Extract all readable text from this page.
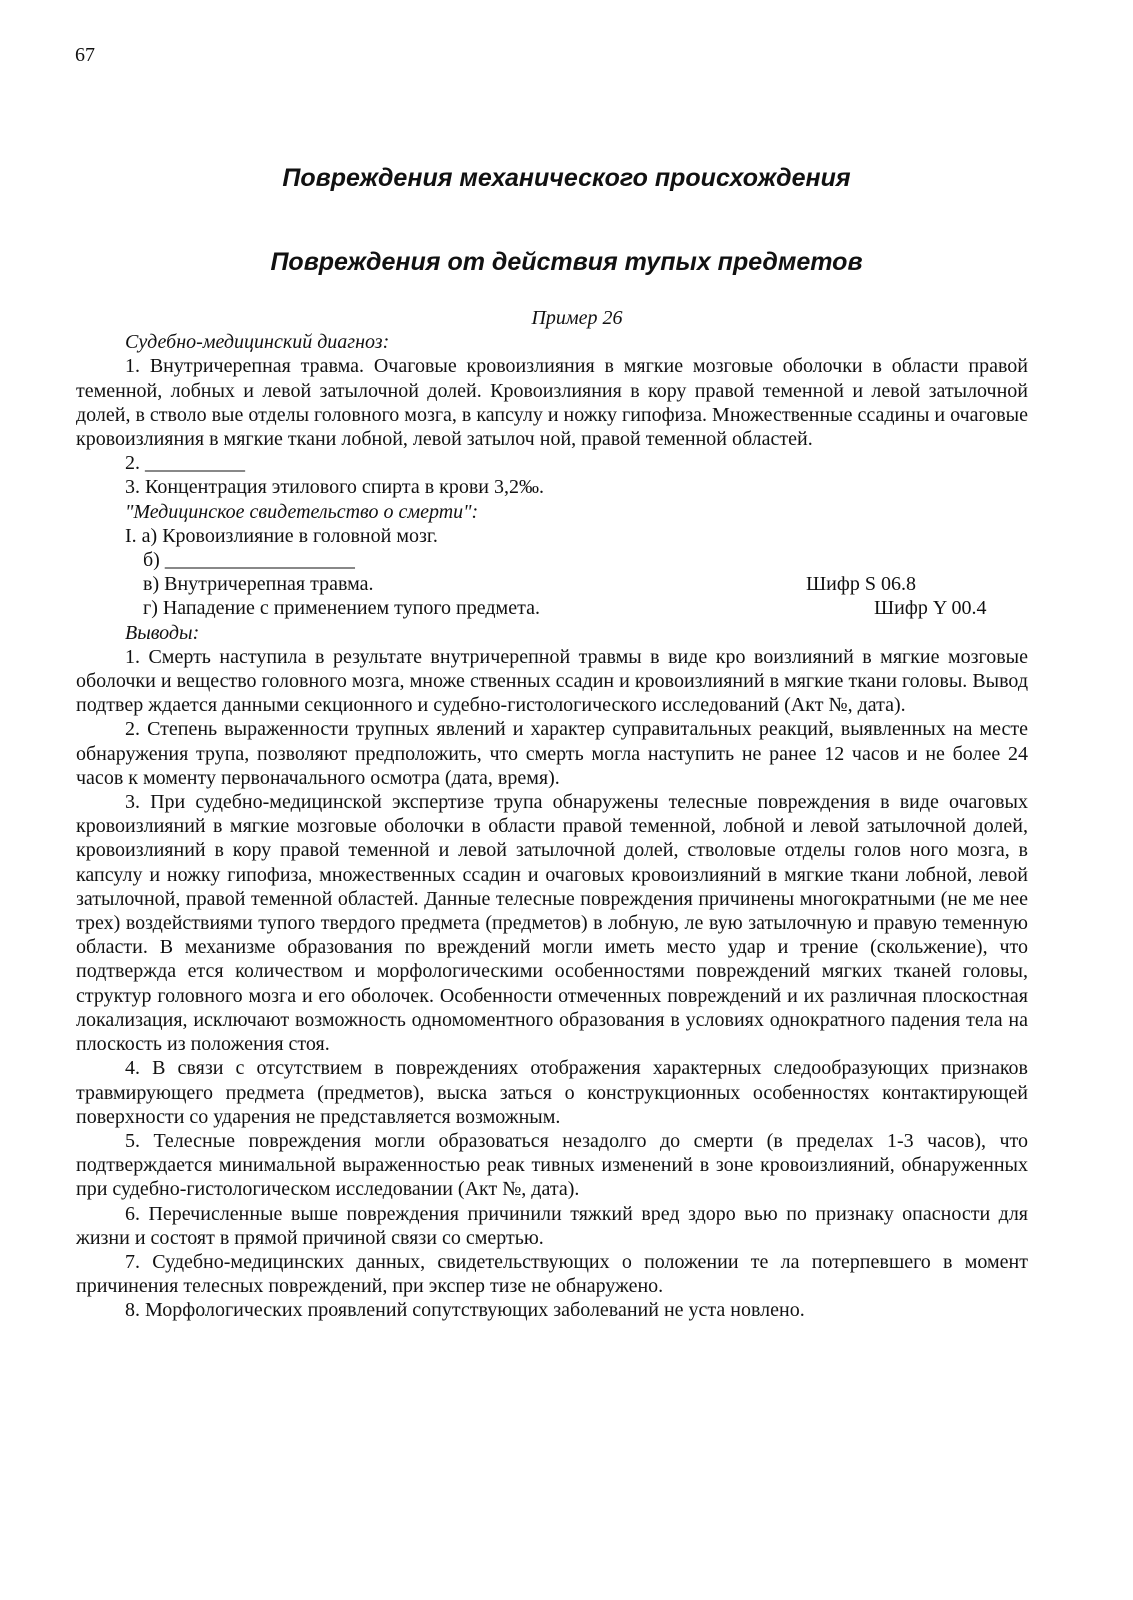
67
Повреждения механического происхождения
Повреждения от действия тупых предметов

Пример 26

Судебно-медицинский диагноз:

1. Внутричерепная травма. Очаговые кровоизлияния в мягкие мозговые оболочки в области правой теменной, лобных и левой затылочной долей. Кровоизлияния в кору правой теменной и левой затылочной долей, в стволо вые отделы головного мозга, в капсулу и ножку гипофиза. Множественные ссадины и очаговые кровоизлияния в мягкие ткани лобной, левой затылоч ной, правой теменной областей.

2. __________

3. Концентрация этилового спирта в крови 3,2‰.

"Медицинское свидетельство о смерти":

I. а) Кровоизлияние в головной мозг.

б) ___________________

в) Внутричерепная травма.	Шифр S 06.8

г) Нападение с применением тупого предмета.	Шифр Y 00.4

Выводы:

1. Смерть наступила в результате внутричерепной травмы в виде кро воизлияний в мягкие мозговые оболочки и вещество головного мозга, множе ственных ссадин и кровоизлияний в мягкие ткани головы. Вывод подтвер ждается данными секционного и судебно-гистологического исследований (Акт №, дата).

2. Степень выраженности трупных явлений и характер суправитальных реакций, выявленных на месте обнаружения трупа, позволяют предположить, что смерть могла наступить не ранее 12 часов и не более 24 часов к моменту первоначального осмотра (дата, время).

3. При судебно-медицинской экспертизе трупа обнаружены телесные повреждения в виде очаговых кровоизлияний в мягкие мозговые оболочки в области правой теменной, лобной и левой затылочной долей, кровоизлияний в кору правой теменной и левой затылочной долей, стволовые отделы голов ного мозга, в капсулу и ножку гипофиза, множественных ссадин и очаговых кровоизлияний в мягкие ткани лобной, левой затылочной, правой теменной областей. Данные телесные повреждения причинены многократными (не ме нее трех) воздействиями тупого твердого предмета (предметов) в лобную, ле вую затылочную и правую теменную области. В механизме образования по вреждений могли иметь место удар и трение (скольжение), что подтвержда ется количеством и морфологическими особенностями повреждений мягких тканей головы, структур головного мозга и его оболочек. Особенности отмеченных повреждений и их различная плоскостная локализация, исключают возможность одномоментного образования в условиях однократного падения тела на плоскость из положения стоя.

4. В связи с отсутствием в повреждениях отображения характерных следообразующих признаков травмирующего предмета (предметов), выска заться о конструкционных особенностях контактирующей поверхности со ударения не представляется возможным.

5. Телесные повреждения могли образоваться незадолго до смерти (в пределах 1-3 часов), что подтверждается минимальной выраженностью реак тивных изменений в зоне кровоизлияний, обнаруженных при судебно-гистологическом исследовании (Акт №, дата).

6. Перечисленные выше повреждения причинили тяжкий вред здоро вью по признаку опасности для жизни и состоят в прямой причиной связи со смертью.

7. Судебно-медицинских данных, свидетельствующих о положении те ла потерпевшего в момент причинения телесных повреждений, при экспер тизе не обнаружено.

8. Морфологических проявлений сопутствующих заболеваний не уста новлено.
